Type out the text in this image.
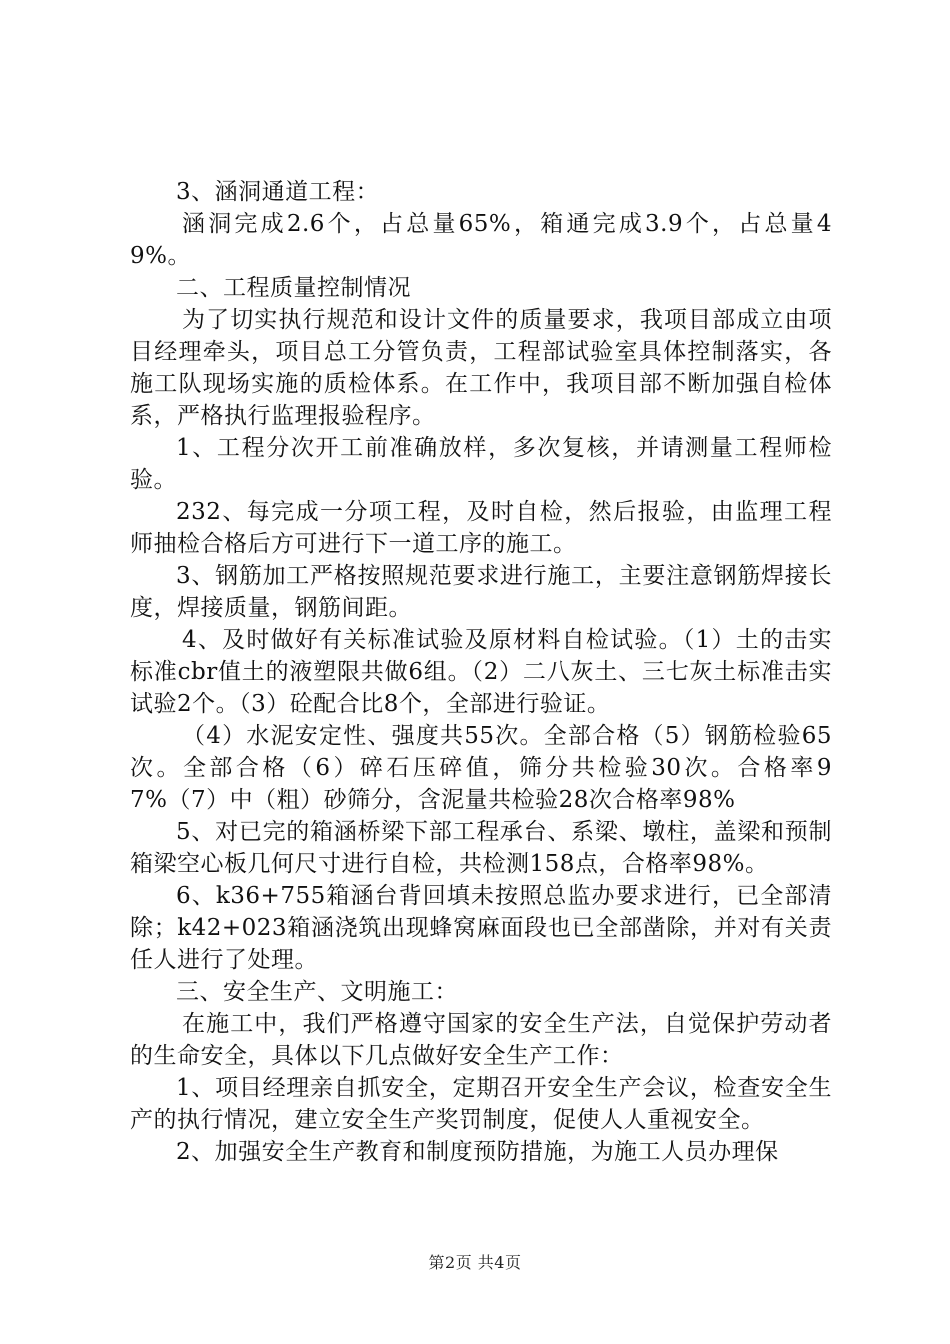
3、涵洞通道工程：

涵洞完成2.6个，占总量65%，箱通完成3.9个，占总量49%。

二、工程质量控制情况

为了切实执行规范和设计文件的质量要求，我项目部成立由项目经理牵头，项目总工分管负责，工程部试验室具体控制落实，各施工队现场实施的质检体系。在工作中，我项目部不断加强自检体系，严格执行监理报验程序。

1、工程分次开工前准确放样，多次复核，并请测量工程师检验。

232、每完成一分项工程，及时自检，然后报验，由监理工程师抽检合格后方可进行下一道工序的施工。

3、钢筋加工严格按照规范要求进行施工，主要注意钢筋焊接长度，焊接质量，钢筋间距。

4、及时做好有关标准试验及原材料自检试验。（1）土的击实标准cbr值土的液塑限共做6组。（2）二八灰土、三七灰土标准击实试验2个。（3）砼配合比8个，全部进行验证。

（4）水泥安定性、强度共55次。全部合格（5）钢筋检验65次。全部合格（6）碎石压碎值，筛分共检验30次。合格率97%（7）中（粗）砂筛分，含泥量共检验28次合格率98%

5、对已完的箱涵桥梁下部工程承台、系梁、墩柱，盖梁和预制箱梁空心板几何尺寸进行自检，共检测158点，合格率98%。

6、k36+755箱涵台背回填未按照总监办要求进行，已全部清除；k42+023箱涵浇筑出现蜂窝麻面段也已全部凿除，并对有关责任人进行了处理。

三、安全生产、文明施工：

在施工中，我们严格遵守国家的安全生产法，自觉保护劳动者的生命安全，具体以下几点做好安全生产工作：

1、项目经理亲自抓安全，定期召开安全生产会议，检查安全生产的执行情况，建立安全生产奖罚制度，促使人人重视安全。

2、加强安全生产教育和制度预防措施，为施工人员办理保

第2页 共4页
